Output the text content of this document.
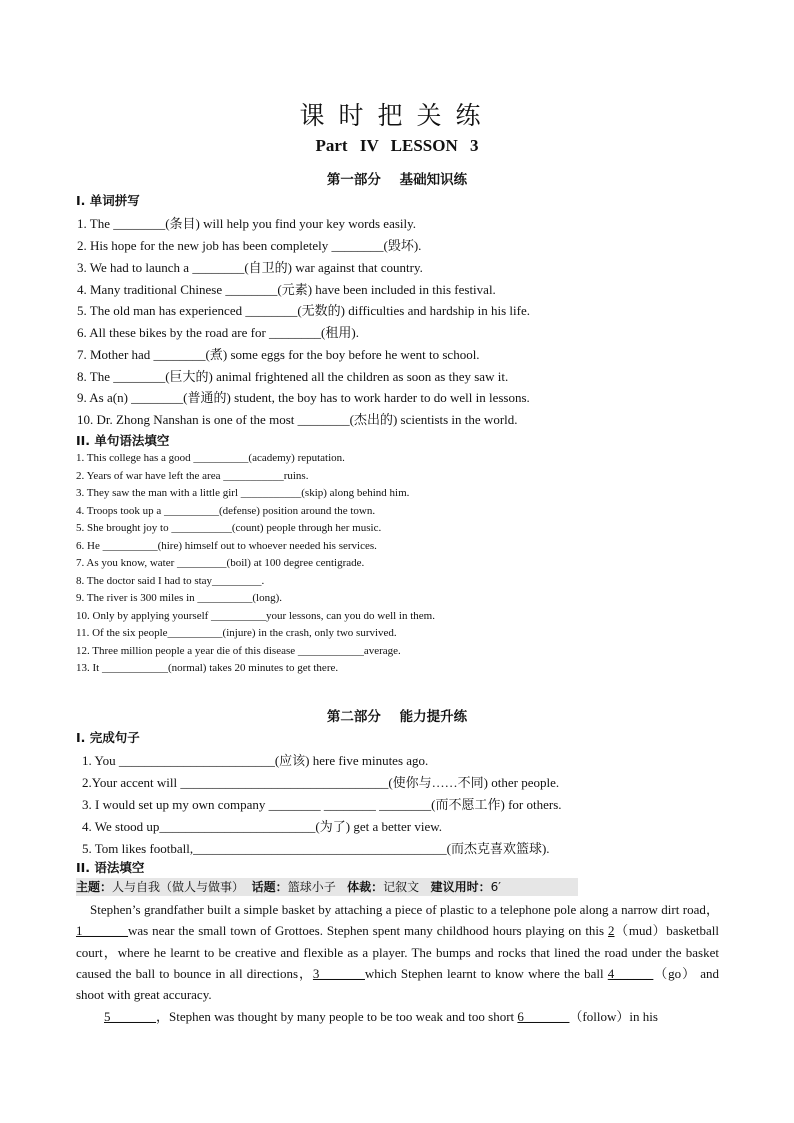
课时把关练
Part IV LESSON 3
第一部分 基础知识练
I. 单词拼写
1. The ________(条目) will help you find your key words easily.
2. His hope for the new job has been completely ________(毁坏).
3. We had to launch a ________(自卫的) war against that country.
4. Many traditional Chinese ________(元素) have been included in this festival.
5. The old man has experienced ________(无数的) difficulties and hardship in his life.
6. All these bikes by the road are for ________(租用).
7. Mother had ________(煮) some eggs for the boy before he went to school.
8. The ________(巨大的) animal frightened all the children as soon as they saw it.
9. As a(n) ________(普通的) student, the boy has to work harder to do well in lessons.
10. Dr. Zhong Nanshan is one of the most ________(杰出的) scientists in the world.
II. 单句语法填空
1. This college has a good __________(academy) reputation.
2. Years of war have left the area ___________ruins.
3. They saw the man with a little girl ___________(skip) along behind him.
4. Troops took up a __________(defense) position around the town.
5. She brought joy to ___________(count) people through her music.
6. He __________(hire) himself out to whoever needed his services.
7. As you know, water _________(boil) at 100 degree centigrade.
8. The doctor said I had to stay_________.
9. The river is 300 miles in __________(long).
10. Only by applying yourself __________your lessons, can you do well in them.
11. Of the six people__________(injure) in the crash, only two survived.
12. Three million people a year die of this disease ____________average.
13. It ____________(normal) takes 20 minutes to get there.
第二部分 能力提升练
I. 完成句子
1. You ________________________(应该) here five minutes ago.
2.Your accent will ________________________________(使你与……不同) other people.
3. I would set up my own company ________ ________ ________(而不愿工作) for others.
4. We stood up________________________(为了) get a better view.
5. Tom likes football,_______________________________________(而杰克喜欢篮球).
II. 语法填空
主题：人与自我（做人与做事） 话题：篮球小子 体裁：记叙文 建议用时：6′
Stephen’s grandfather built a simple basket by attaching a piece of plastic to a telephone pole along a narrow dirt road，1_______was near the small town of Grottoes. Stephen spent many childhood hours playing on this 2（mud）basketball court，where he learnt to be creative and flexible as a player. The bumps and rocks that lined the road under the basket caused the ball to bounce in all directions，3_______which Stephen learnt to know where the ball 4______（go） and shoot with great accuracy.
5_______，Stephen was thought by many people to be too weak and too short 6_______（follow）in his
